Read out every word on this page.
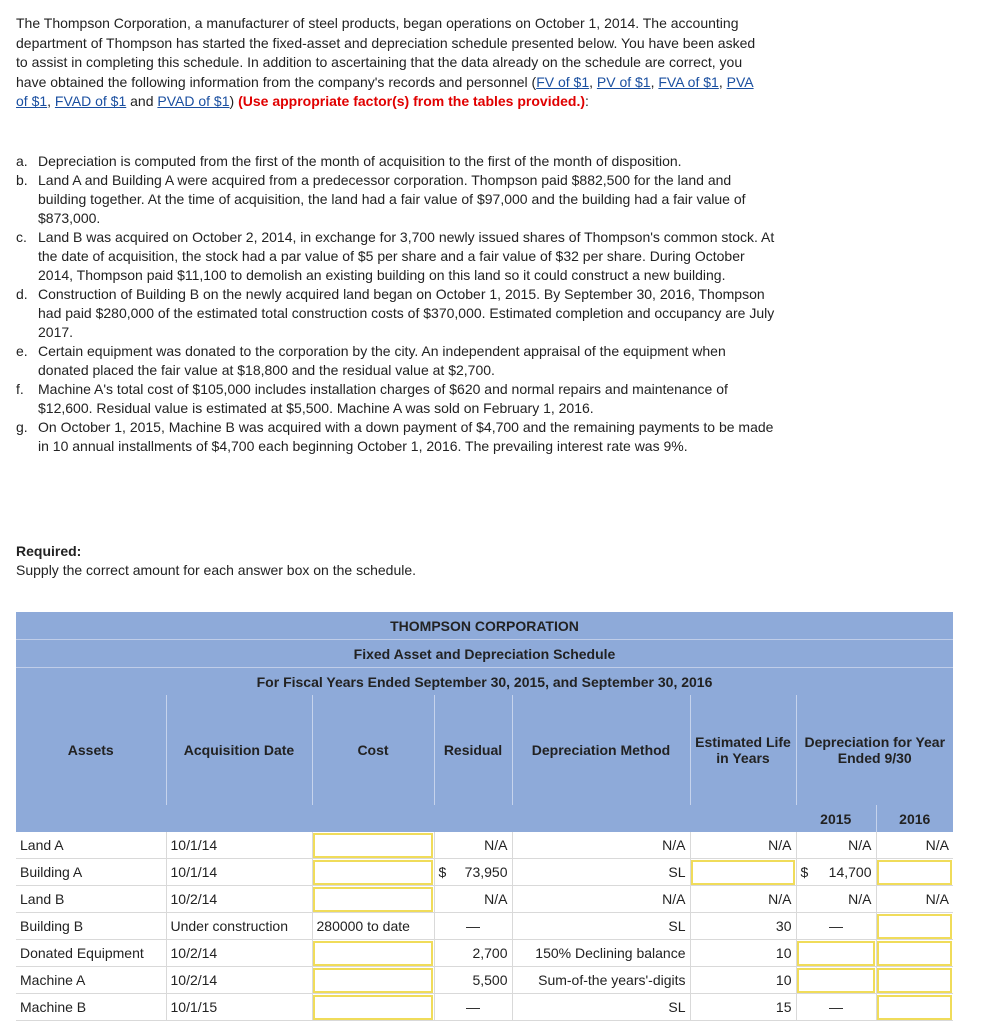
The Thompson Corporation, a manufacturer of steel products, began operations on October 1, 2014. The accounting department of Thompson has started the fixed-asset and depreciation schedule presented below. You have been asked to assist in completing this schedule. In addition to ascertaining that the data already on the schedule are correct, you have obtained the following information from the company's records and personnel (FV of $1, PV of $1, FVA of $1, PVA of $1, FVAD of $1 and PVAD of $1) (Use appropriate factor(s) from the tables provided.):
a. Depreciation is computed from the first of the month of acquisition to the first of the month of disposition.
b. Land A and Building A were acquired from a predecessor corporation. Thompson paid $882,500 for the land and building together. At the time of acquisition, the land had a fair value of $97,000 and the building had a fair value of $873,000.
c. Land B was acquired on October 2, 2014, in exchange for 3,700 newly issued shares of Thompson's common stock. At the date of acquisition, the stock had a par value of $5 per share and a fair value of $32 per share. During October 2014, Thompson paid $11,100 to demolish an existing building on this land so it could construct a new building.
d. Construction of Building B on the newly acquired land began on October 1, 2015. By September 30, 2016, Thompson had paid $280,000 of the estimated total construction costs of $370,000. Estimated completion and occupancy are July 2017.
e. Certain equipment was donated to the corporation by the city. An independent appraisal of the equipment when donated placed the fair value at $18,800 and the residual value at $2,700.
f. Machine A's total cost of $105,000 includes installation charges of $620 and normal repairs and maintenance of $12,600. Residual value is estimated at $5,500. Machine A was sold on February 1, 2016.
g. On October 1, 2015, Machine B was acquired with a down payment of $4,700 and the remaining payments to be made in 10 annual installments of $4,700 each beginning October 1, 2016. The prevailing interest rate was 9%.
Required:
Supply the correct amount for each answer box on the schedule.
THOMPSON CORPORATION							
Fixed Asset and Depreciation Schedule							
For Fiscal Years Ended September 30, 2015, and September 30, 2016							
Assets	Acquisition Date	Cost	Residual	Depreciation Method	Estimated Life in Years	Depreciation for Year Ended 9/30	
						2015	2016
Land A	10/1/14		N/A	N/A	N/A	N/A	N/A
Building A	10/1/14		$ 73,950	SL		$ 14,700	

Land B	10/2/14		N/A	N/A	N/A	N/A	N/A
Building B	Under construction	280000 to date	—	SL	30	—	
Donated Equipment	10/2/14		2,700	150% Declining balance	10		
Machine A	10/2/14		5,500	Sum-of-the years'-digits	10		
Machine B	10/1/15		—	SL	15	—	
